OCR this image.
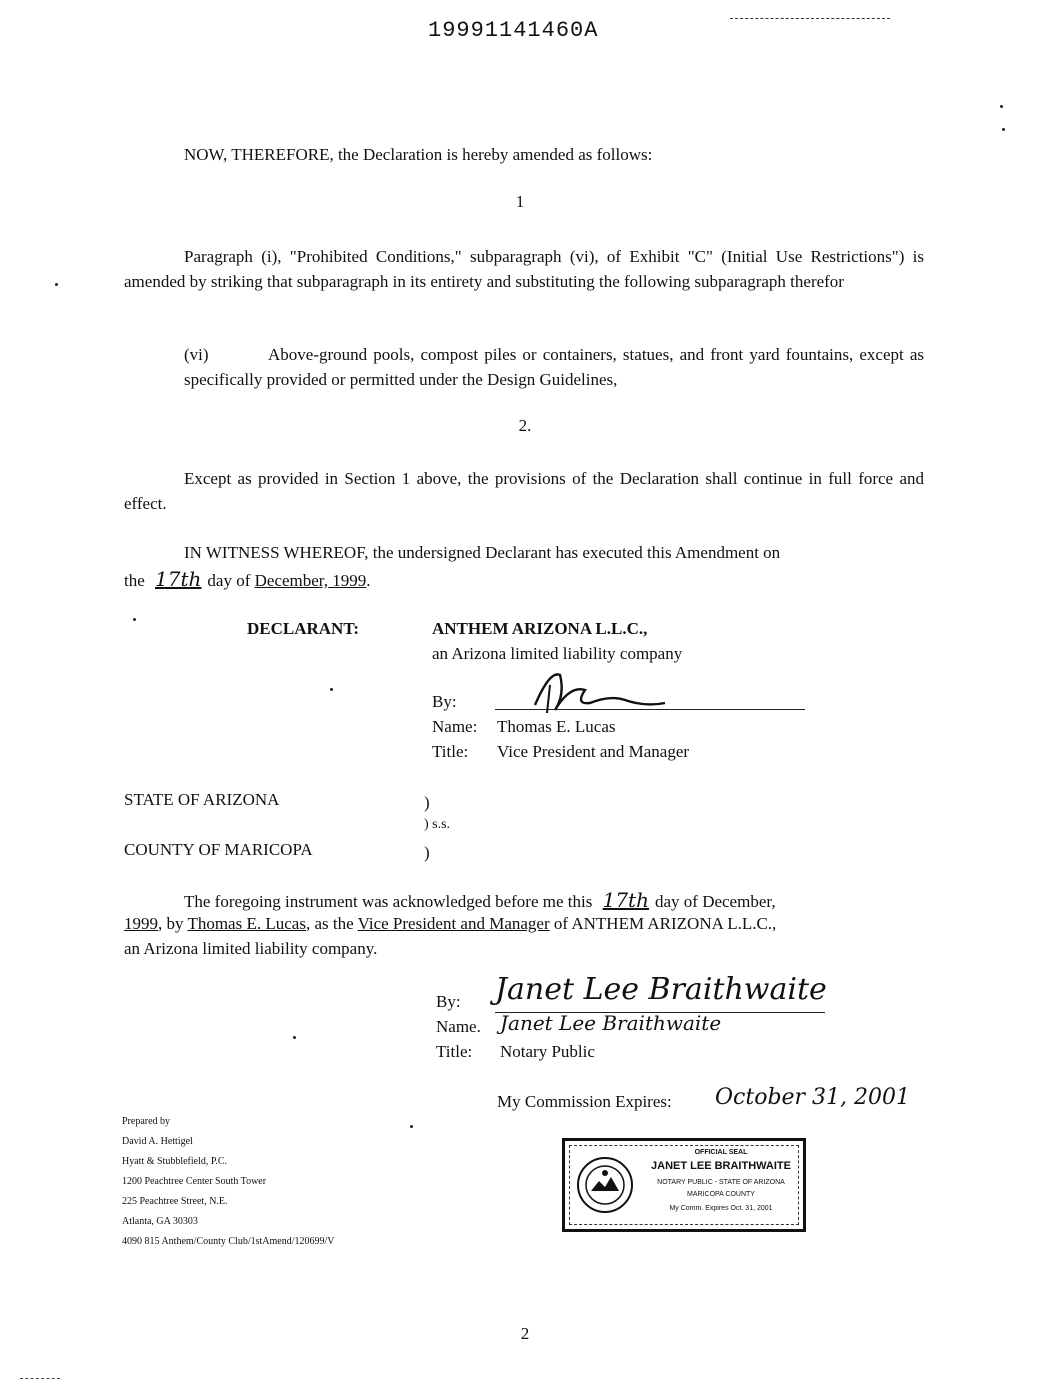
19991141460A
NOW, THEREFORE, the Declaration is hereby amended as follows:
1
Paragraph (i), "Prohibited Conditions," subparagraph (vi), of Exhibit "C" (Initial Use Restrictions") is amended by striking that subparagraph in its entirety and substituting the following subparagraph therefor
(vi)	Above-ground pools, compost piles or containers, statues, and front yard fountains, except as specifically provided or permitted under the Design Guidelines,
2.
Except as provided in Section 1 above, the provisions of the Declaration shall continue in full force and effect.
IN WITNESS WHEREOF, the undersigned Declarant has executed this Amendment on
the 17th day of December, 1999.
DECLARANT:	ANTHEM ARIZONA L.L.C.,
an Arizona limited liability company
By:
Name: Thomas E. Lucas
Title: Vice President and Manager
STATE OF ARIZONA	)
) s.s.
COUNTY OF MARICOPA	)
The foregoing instrument was acknowledged before me this 17th day of December,
1999, by Thomas E. Lucas, as the Vice President and Manager of ANTHEM ARIZONA L.L.C.,
an Arizona limited liability company.
By: Janet Lee Braithwaite
Name. Janet Lee Braithwaite
Title: Notary Public
My Commission Expires: October 31, 2001
Prepared by
David A. Hettigel
Hyatt & Stubblefield, P.C.
1200 Peachtree Center South Tower
225 Peachtree Street, N.E.
Atlanta, GA 30303
4090 815 Anthem/County Club/1stAmend/120699/V
OFFICIAL SEAL
JANET LEE BRAITHWAITE
NOTARY PUBLIC - STATE OF ARIZONA
MARICOPA COUNTY
My Comm. Expires Oct. 31, 2001
2
